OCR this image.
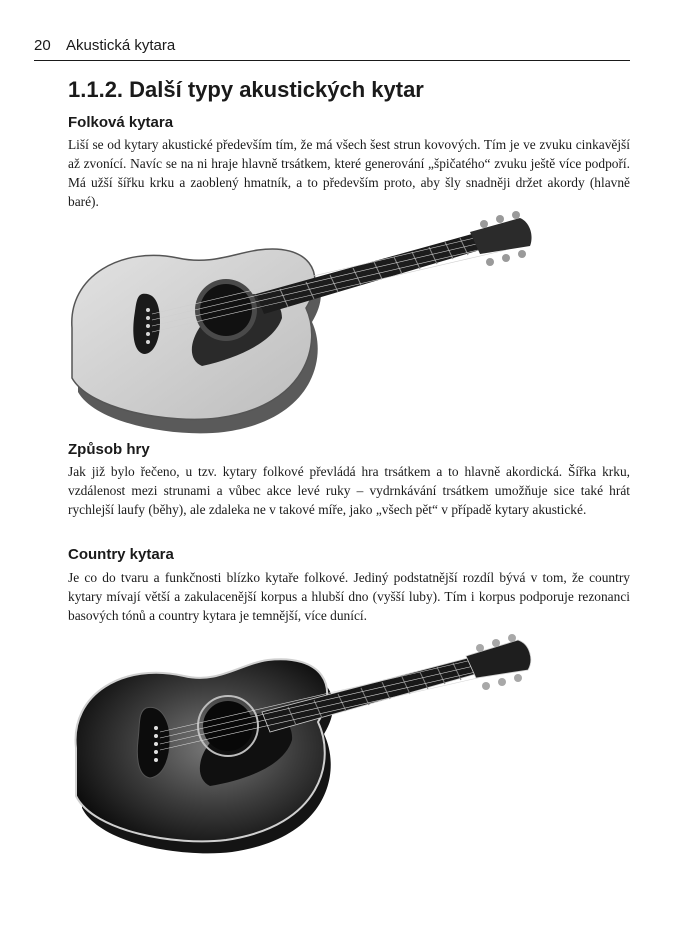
20 Akustická kytara
1.1.2. Další typy akustických kytar
Folková kytara

Liší se od kytary akustické především tím, že má všech šest strun kovových. Tím je ve zvuku cinkavější až zvonící. Navíc se na ni hraje hlavně trsátkem, které generování „špičatého“ zvuku ještě více podpoří. Má užší šířku krku a zaoblený hmatník, a to především proto, aby šly snadněji držet akordy (hlavně baré).

Způsob hry

Jak již bylo řečeno, u tzv. kytary folkové převládá hra trsátkem a to hlavně akordická. Šířka krku, vzdálenost mezi strunami a vůbec akce levé ruky – vydrnkávání trsátkem umožňuje sice také hrát rychlejší laufy (běhy), ale zdaleka ne v takové míře, jako „všech pět“ v případě kytary akustické.

Country kytara

Je co do tvaru a funkčnosti blízko kytaře folkové. Jediný podstatnější rozdíl bývá v tom, že country kytary mívají větší a zakulacenější korpus a hlubší dno (vyšší luby). Tím i korpus podporuje rezonanci basových tónů a country kytara je temnější, více dunící.
